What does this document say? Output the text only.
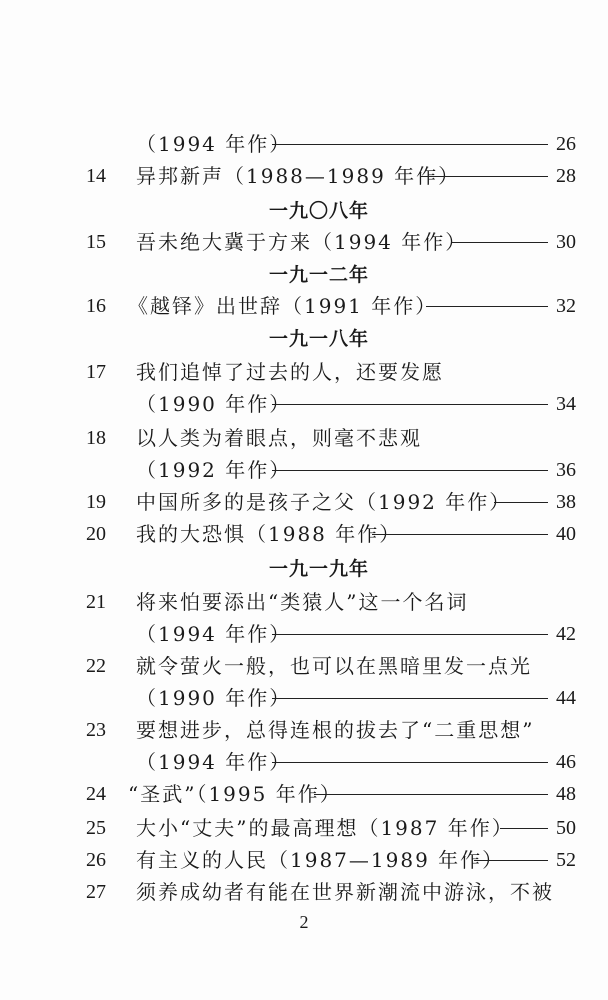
（1994 年作）	26
14	异邦新声（1988—1989 年作）	28
一九〇八年
15	吾未绝大冀于方来（1994 年作）	30
一九一二年
16	《越铎》出世辞（1991 年作）	32
一九一八年
17	我们追悼了过去的人，还要发愿
（1990 年作）	34
18	以人类为着眼点，则毫不悲观
（1992 年作）	36
19	中国所多的是孩子之父（1992 年作） 38
20	我的大恐惧（1988 年作）	40
一九一九年
21	将来怕要添出“类猿人”这一个名词
（1994 年作）	42
22	就令萤火一般，也可以在黑暗里发一点光
（1990 年作）	44
23	要想进步，总得连根的拔去了“二重思想”
（1994 年作）	46
24	“圣武”（1995 年作）	48
25	大小“丈夫”的最高理想（1987 年作） 50
26	有主义的人民（1987—1989 年作）	52
27	须养成幼者有能在世界新潮流中游泳，不被
2
